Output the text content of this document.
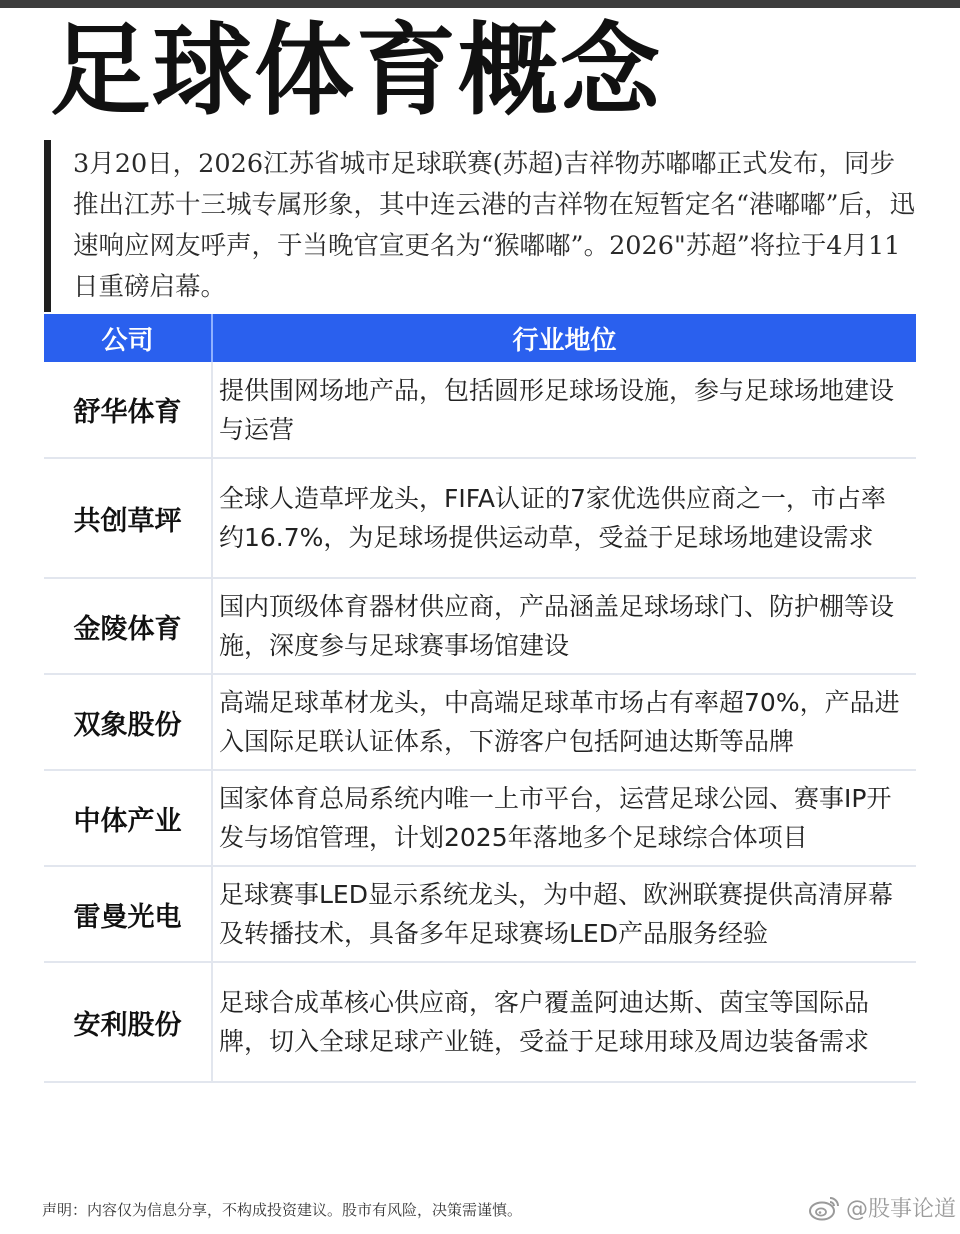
足球体育概念
3月20日，2026江苏省城市足球联赛(苏超)吉祥物苏嘟嘟正式发布，同步推出江苏十三城专属形象，其中连云港的吉祥物在短暂定名“港嘟嘟”后，迅速响应网友呼声，于当晚官宣更名为“猴嘟嘟”。2026"苏超”将拉于4月11日重磅启幕。
公司	行业地位
舒华体育	提供围网场地产品，包括圆形足球场设施，参与足球场地建设与运营
共创草坪	全球人造草坪龙头，FIFA认证的7家优选供应商之一，市占率约16.7%，为足球场提供运动草，受益于足球场地建设需求
金陵体育	国内顶级体育器材供应商，产品涵盖足球场球门、防护棚等设施，深度参与足球赛事场馆建设
双象股份	高端足球革材龙头，中高端足球革市场占有率超70%，产品进入国际足联认证体系，下游客户包括阿迪达斯等品牌
中体产业	国家体育总局系统内唯一上市平台，运营足球公园、赛事IP开发与场馆管理，计划2025年落地多个足球综合体项目
雷曼光电	足球赛事LED显示系统龙头，为中超、欧洲联赛提供高清屏幕及转播技术，具备多年足球赛场LED产品服务经验
安利股份	足球合成革核心供应商，客户覆盖阿迪达斯、茵宝等国际品牌，切入全球足球产业链，受益于足球用球及周边装备需求
声明：内容仅为信息分享，不构成投资建议。股市有风险，决策需谨慎。	@股事论道
